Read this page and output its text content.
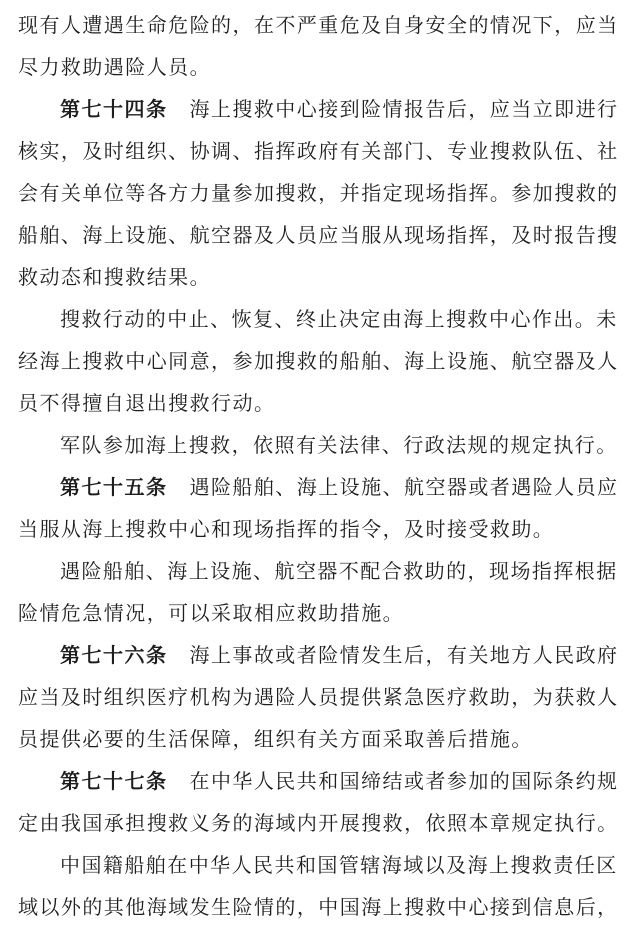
现有人遭遇生命危险的，在不严重危及自身安全的情况下，应当
尽力救助遇险人员。
第七十四条 海上搜救中心接到险情报告后，应当立即进行
核实，及时组织、协调、指挥政府有关部门、专业搜救队伍、社
会有关单位等各方力量参加搜救，并指定现场指挥。参加搜救的
船舶、海上设施、航空器及人员应当服从现场指挥，及时报告搜
救动态和搜救结果。
搜救行动的中止、恢复、终止决定由海上搜救中心作出。未
经海上搜救中心同意，参加搜救的船舶、海上设施、航空器及人
员不得擅自退出搜救行动。
军队参加海上搜救，依照有关法律、行政法规的规定执行。
第七十五条 遇险船舶、海上设施、航空器或者遇险人员应
当服从海上搜救中心和现场指挥的指令，及时接受救助。
遇险船舶、海上设施、航空器不配合救助的，现场指挥根据
险情危急情况，可以采取相应救助措施。
第七十六条 海上事故或者险情发生后，有关地方人民政府
应当及时组织医疗机构为遇险人员提供紧急医疗救助，为获救人
员提供必要的生活保障，组织有关方面采取善后措施。
第七十七条 在中华人民共和国缔结或者参加的国际条约规
定由我国承担搜救义务的海域内开展搜救，依照本章规定执行。
中国籍船舶在中华人民共和国管辖海域以及海上搜救责任区
域以外的其他海域发生险情的，中国海上搜救中心接到信息后，
